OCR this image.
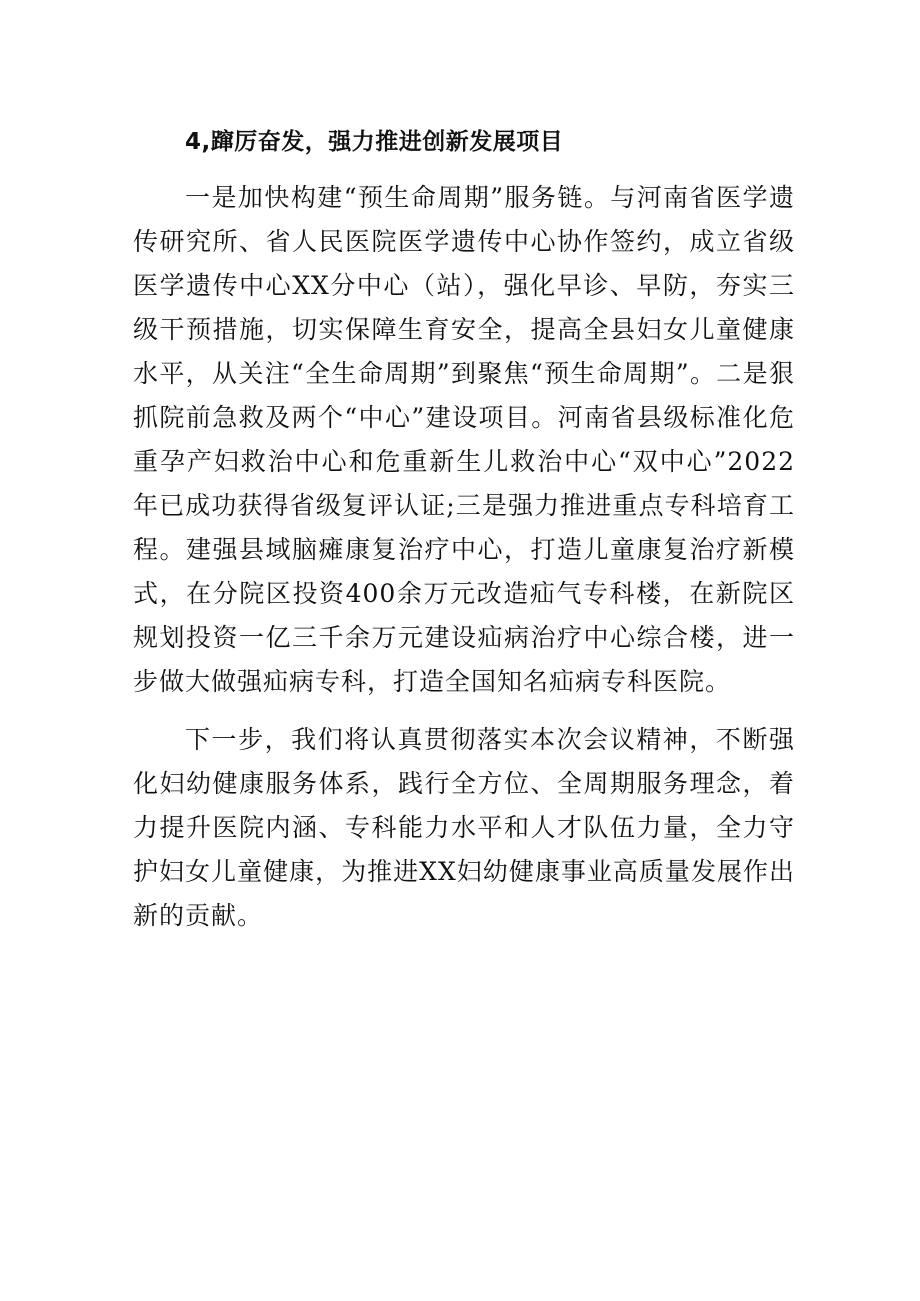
4,蹿厉奋发，强力推进创新发展项目

一是加快构建“预生命周期”服务链。与河南省医学遗传研究所、省人民医院医学遗传中心协作签约，成立省级医学遗传中心XX分中心（站），强化早诊、早防，夯实三级干预措施，切实保障生育安全，提高全县妇女儿童健康水平，从关注“全生命周期”到聚焦“预生命周期”。二是狠抓院前急救及两个“中心”建设项目。河南省县级标准化危重孕产妇救治中心和危重新生儿救治中心“双中心”2022年已成功获得省级复评认证;三是强力推进重点专科培育工程。建强县域脑瘫康复治疗中心，打造儿童康复治疗新模式，在分院区投资400余万元改造疝气专科楼，在新院区规划投资一亿三千余万元建设疝病治疗中心综合楼，进一步做大做强疝病专科，打造全国知名疝病专科医院。

下一步，我们将认真贯彻落实本次会议精神，不断强化妇幼健康服务体系，践行全方位、全周期服务理念，着力提升医院内涵、专科能力水平和人才队伍力量，全力守护妇女儿童健康，为推进XX妇幼健康事业高质量发展作出新的贡献。
